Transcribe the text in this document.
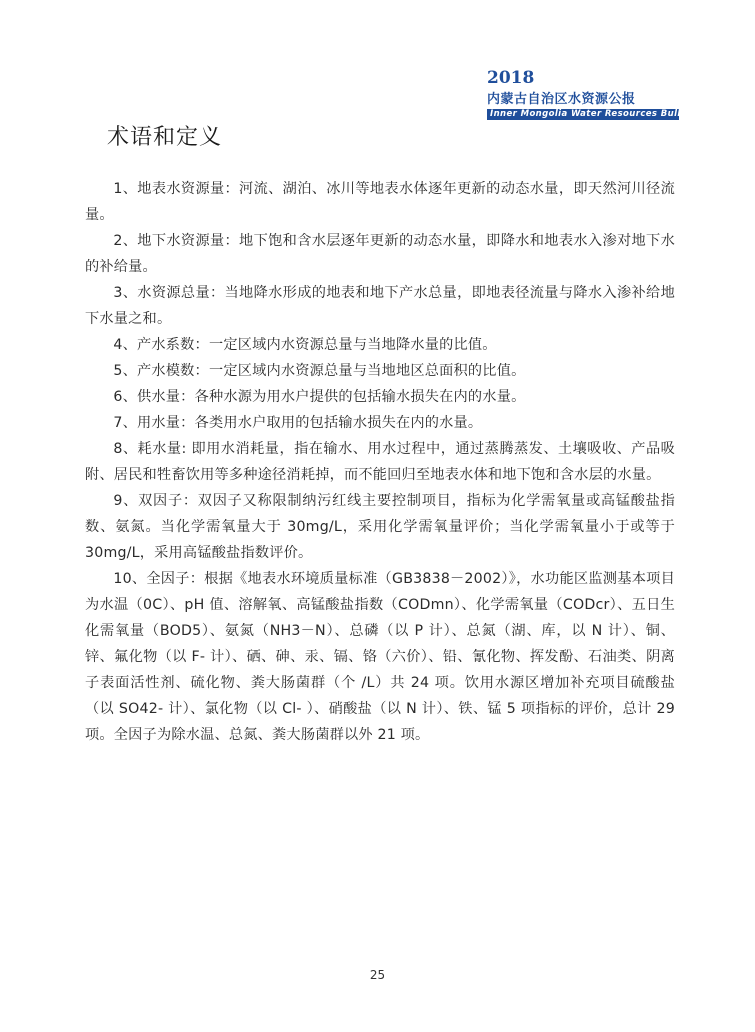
2018内蒙古自治区水资源公报
Inner Mongolia Water Resources Bulletin
术语和定义

1、地表水资源量：河流、湖泊、冰川等地表水体逐年更新的动态水量，即天然河川径流量。

2、地下水资源量：地下饱和含水层逐年更新的动态水量，即降水和地表水入渗对地下水的补给量。

3、水资源总量：当地降水形成的地表和地下产水总量，即地表径流量与降水入渗补给地下水量之和。

4、产水系数：一定区域内水资源总量与当地降水量的比值。

5、产水模数：一定区域内水资源总量与当地地区总面积的比值。

6、供水量：各种水源为用水户提供的包括输水损失在内的水量。

7、用水量：各类用水户取用的包括输水损失在内的水量。

8、耗水量: 即用水消耗量，指在输水、用水过程中，通过蒸腾蒸发、土壤吸收、产品吸附、居民和牲畜饮用等多种途径消耗掉，而不能回归至地表水体和地下饱和含水层的水量。

9、双因子：双因子又称限制纳污红线主要控制项目，指标为化学需氧量或高锰酸盐指数、氨氮。当化学需氧量大于 30mg/L，采用化学需氧量评价；当化学需氧量小于或等于 30mg/L，采用高锰酸盐指数评价。

10、全因子：根据《地表水环境质量标准（GB3838－2002）》，水功能区监测基本项目为水温（0C）、pH 值、溶解氧、高锰酸盐指数（CODmn）、化学需氧量（CODcr）、五日生化需氧量（BOD5）、氨氮（NH3－N）、总磷（以 P 计）、总氮（湖、库，以 N 计）、铜、锌、氟化物（以 F- 计）、硒、砷、汞、镉、铬（六价）、铅、氰化物、挥发酚、石油类、阴离子表面活性剂、硫化物、粪大肠菌群（个 /L）共 24 项。饮用水源区增加补充项目硫酸盐（以 SO42- 计）、氯化物（以 Cl- ）、硝酸盐（以 N 计）、铁、锰 5 项指标的评价，总计 29 项。全因子为除水温、总氮、粪大肠菌群以外 21 项。

25
